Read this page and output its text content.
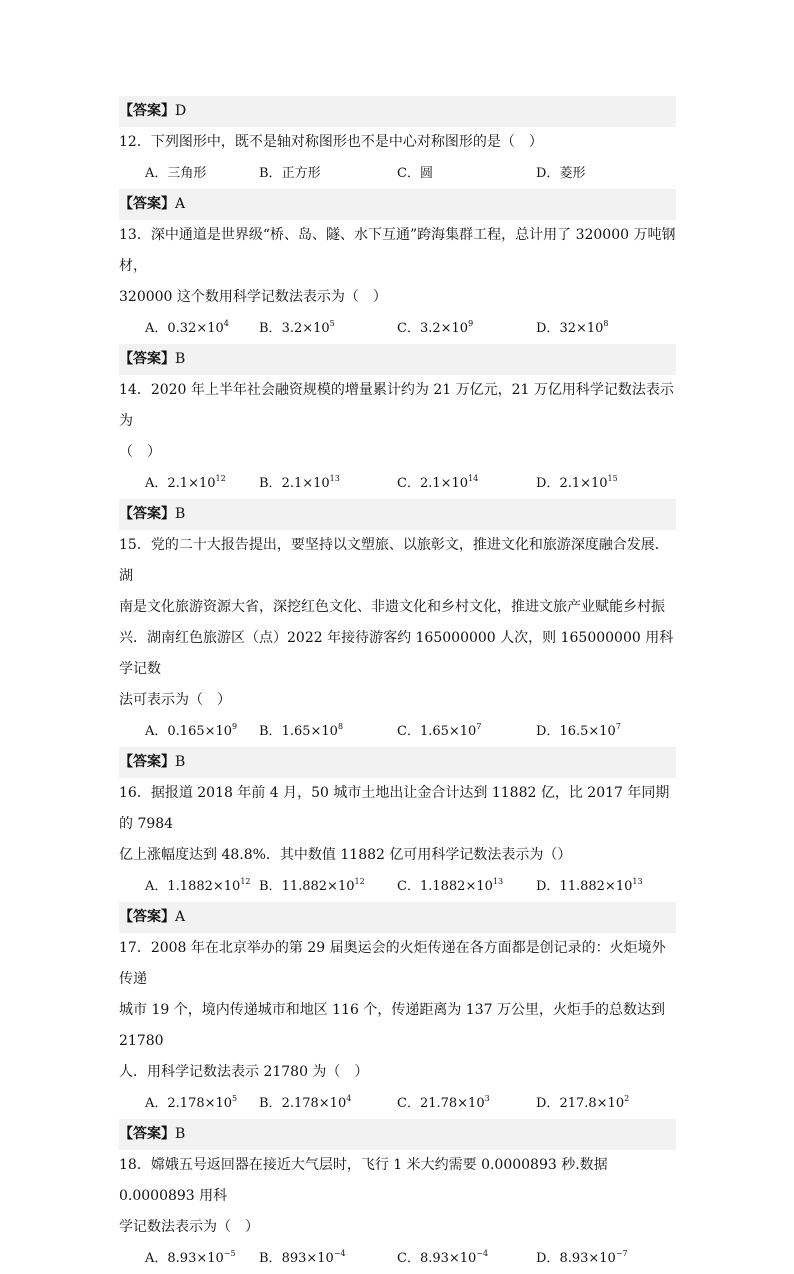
【答案】D
12．下列图形中，既不是轴对称图形也不是中心对称图形的是（　）
A．三角形	B．正方形	C．圆	D．菱形
【答案】A
13．深中通道是世界级“桥、岛、隧、水下互通”跨海集群工程，总计用了 320000 万吨钢材，
320000 这个数用科学记数法表示为（　）
A．$0.32\times 10^4$ B．$3.2\times 10^5$	C．$3.2\times 10^9$	D．$32\times 10^8$
【答案】B
14．2020 年上半年社会融资规模的增量累计约为 21 万亿元，21 万亿用科学记数法表示为
（　）
A．$2.1\times 10^{12}$	B．$2.1\times 10^{13}$	C．$2.1\times 10^{14}$	D．$2.1\times 10^{15}$
【答案】B
15．党的二十大报告提出，要坚持以文塑旅、以旅彰文，推进文化和旅游深度融合发展．湖
南是文化旅游资源大省，深挖红色文化、非遗文化和乡村文化，推进文旅产业赋能乡村振
兴．湖南红色旅游区（点）2022 年接待游客约 165000000 人次，则 165000000 用科学记数
法可表示为（　）
A．$0.165\times 10^9$ B．$1.65\times 10^8$	C．$1.65\times 10^7$	D．$16.5\times 10^7$
【答案】B
16．据报道 2018 年前 4 月，50 城市土地出让金合计达到 11882 亿，比 2017 年同期的 7984
亿上涨幅度达到 48.8%．其中数值 11882 亿可用科学记数法表示为（）
A．$1.1882\times 10^{12}$ B．$11.882\times 10^{12}$ C．$1.1882\times 10^{13}$	D．$11.882\times 10^{13}$
【答案】A
17．2008 年在北京举办的第 29 届奥运会的火炬传递在各方面都是创记录的：火炬境外传递
城市 19 个，境内传递城市和地区 116 个，传递距离为 137 万公里，火炬手的总数达到 21780
人．用科学记数法表示 21780 为（　）
A．$2.178\times 10^5$ B．$2.178\times 10^4$	C．$21.78\times 10^3$	D．$217.8\times 10^2$
【答案】B
18．嫦娥五号返回器在接近大气层时，飞行 1 米大约需要 0.0000893 秒.数据 0.0000893 用科
学记数法表示为（　）
A．$8.93\times 10^{-5}$ B．$893\times 10^{-4}$	C．$8.93\times 10^{-4}$	D．$8.93\times 10^{-7}$
